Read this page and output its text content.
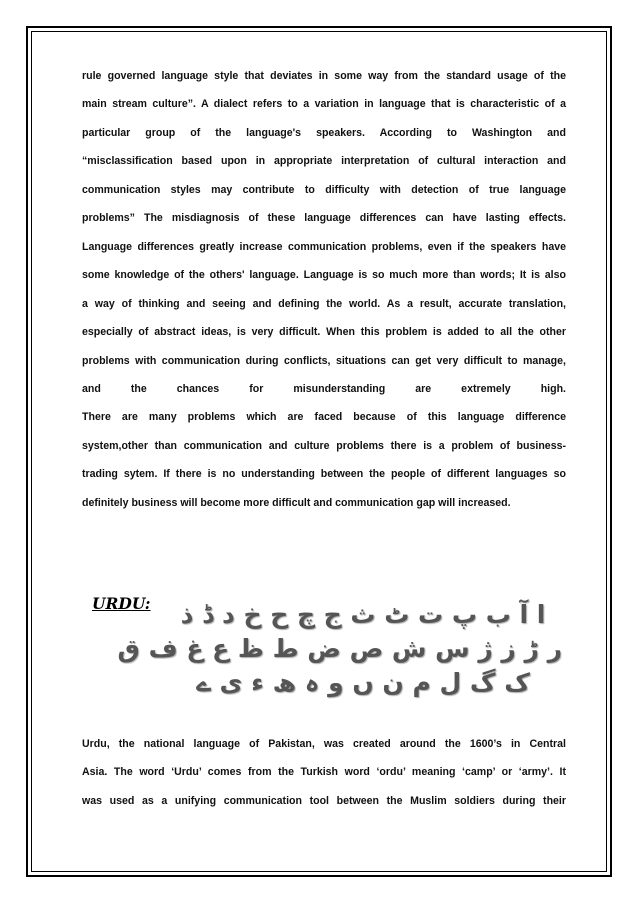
rule governed language style that deviates in some way from the standard usage of the

main stream culture”. A dialect refers to a variation in language that is characteristic of a

particular group of the language's speakers. According to Washington and

“misclassification based upon in appropriate interpretation of cultural interaction and

communication styles may contribute to difficulty with detection of true language

problems” The misdiagnosis of these language differences can have lasting effects.

Language differences greatly increase communication problems, even if the speakers have

some knowledge of the others' language. Language is so much more than words; It is also

a way of thinking and seeing and defining the world. As a result, accurate translation,

especially of abstract ideas, is very difficult. When this problem is added to all the other

problems with communication during conflicts, situations can get very difficult to manage,

and the chances for misunderstanding are extremely high.

There are many problems which are faced because of this language difference

system,other than communication and culture problems there is a problem of business-

trading sytem. If there is no understanding between the people of different languages so

definitely business will become more difficult and communication gap will increased.

URDU:	ا آ ب پ ت ٹ ث ج چ ح خ د ڈ ذ
ر ڑ ز ژ س ش ص ض ط ظ ع غ ف ق
ک گ ل م ن ں و ہ ھ ء ی ے

Urdu, the national language of Pakistan, was created around the 1600’s in Central

Asia. The word ‘Urdu’ comes from the Turkish word ‘ordu’ meaning ‘camp’ or ‘army’. It

was used as a unifying communication tool between the Muslim soldiers during their
